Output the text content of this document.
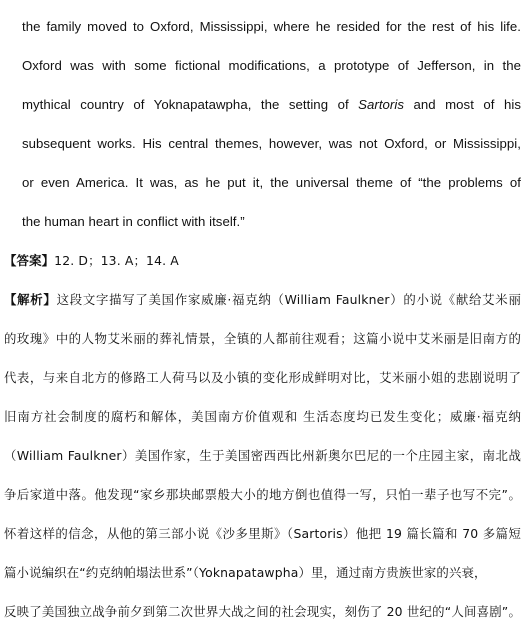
the family moved to Oxford, Mississippi, where he resided for the rest of his life.
Oxford was with some fictional modifications, a prototype of Jefferson, in the
mythical country of Yoknapatawpha, the setting of Sartoris and most of his
subsequent works. His central themes, however, was not Oxford, or Mississippi,
or even America. It was, as he put it, the universal theme of “the problems of
the human heart in conflict with itself.”
【答案】12. D；13. A；14. A
【解析】这段文字描写了美国作家威廉·福克纳（William Faulkner）的小说《献给艾米丽
的玫瑰》中的人物艾米丽的葬礼情景，全镇的人都前往观看；这篇小说中艾米丽是旧南方的
代表，与来自北方的修路工人荷马以及小镇的变化形成鲜明对比，艾米丽小姐的悲剧说明了
旧南方社会制度的腐朽和解体，美国南方价值观和 生活态度均已发生变化；威廉·福克纳
（William Faulkner）美国作家，生于美国密西西比州新奥尔巴尼的一个庄园主家，南北战
争后家道中落。他发现“家乡那块邮票般大小的地方倒也值得一写，只怕一辈子也写不完”。
怀着这样的信念，从他的第三部小说《沙多里斯》（Sartoris）他把 19 篇长篇和 70 多篇短
篇小说编织在“约克纳帕塌法世系”（Yoknapatawpha）里，通过南方贵族世家的兴衰，
反映了美国独立战争前夕到第二次世界大战之间的社会现实，刻伤了 20 世纪的“人间喜剧”。
